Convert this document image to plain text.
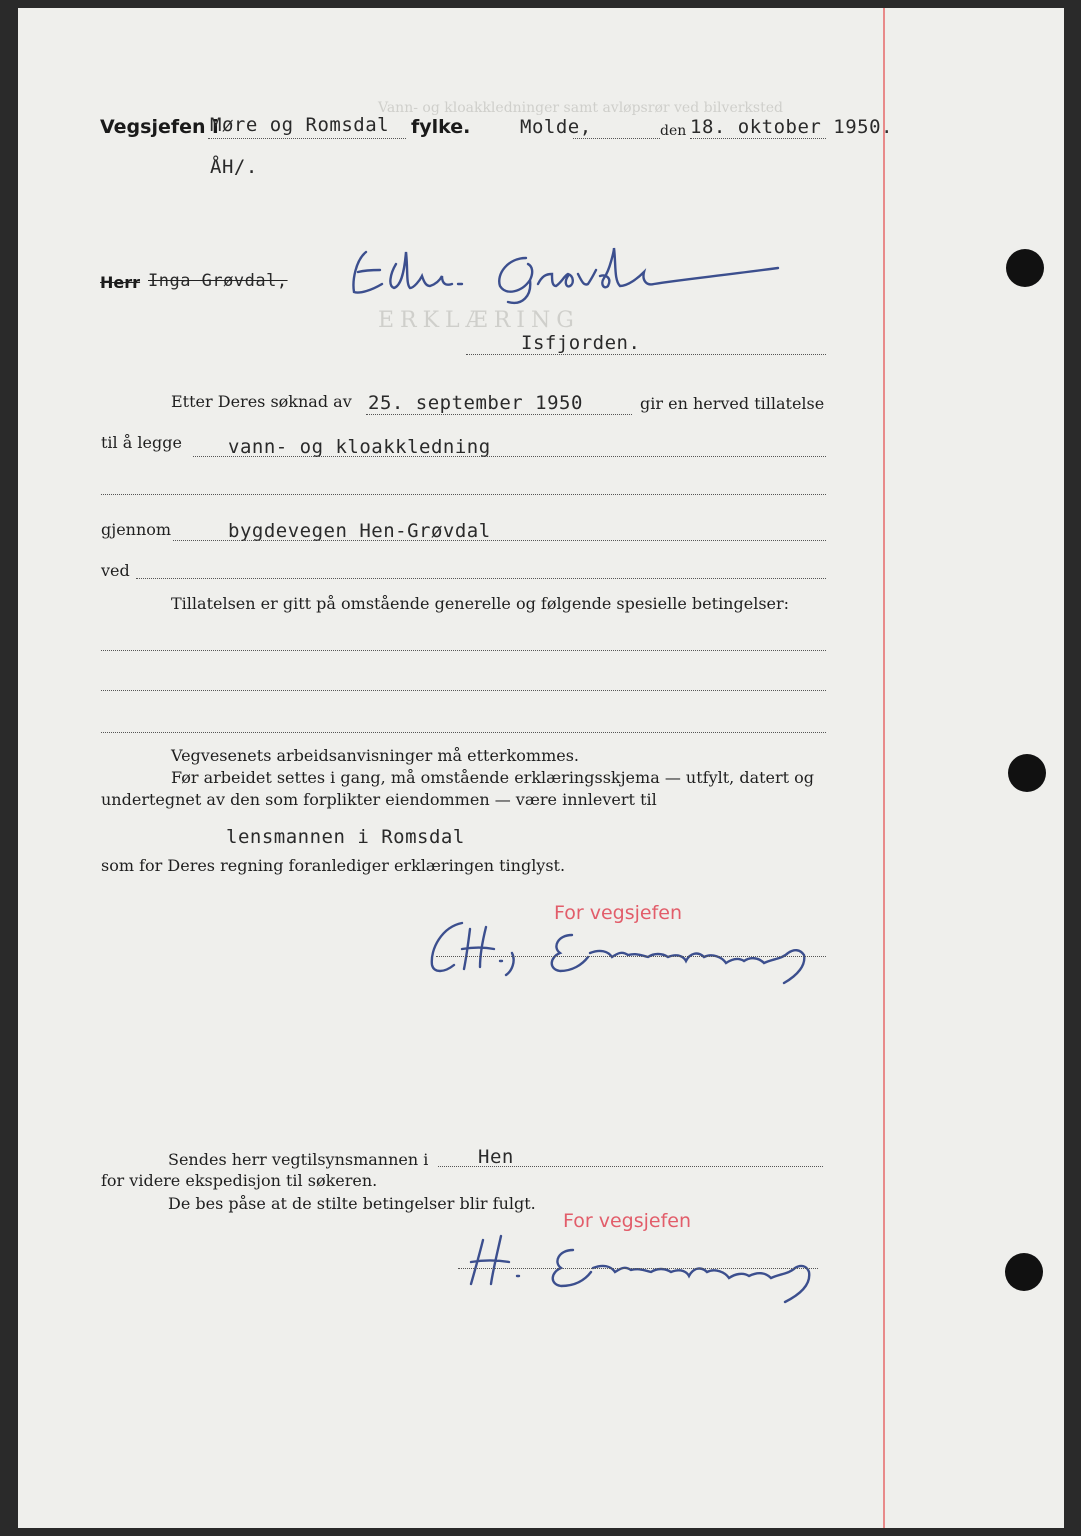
ERKLÆRING
Vann- og kloakkledninger samt avløpsrør ved bilverksted
Vegsjefen i
Møre og Romsdal fylke.	Molde,	den 18. oktober 1950.
ÅH/.
Herr Inga Grøvdal,
Isfjorden.
Etter Deres søknad av 25. september 1950	gir en herved tillatelse
til å legge vann- og kloakkledning
gjennom	bygdevegen Hen-Grøvdal
ved
Tillatelsen er gitt på omstående generelle og følgende spesielle betingelser:
Vegvesenets arbeidsanvisninger må etterkommes.
Før arbeidet settes i gang, må omstående erklæringsskjema — utfylt, datert og
undertegnet av den som forplikter eiendommen — være innlevert til
lensmannen i Romsdal
som for Deres regning foranlediger erklæringen tinglyst.
For vegsjefen
Sendes herr vegtilsynsmannen i	Hen
for videre ekspedisjon til søkeren.
De bes påse at de stilte betingelser blir fulgt.
For vegsjefen
